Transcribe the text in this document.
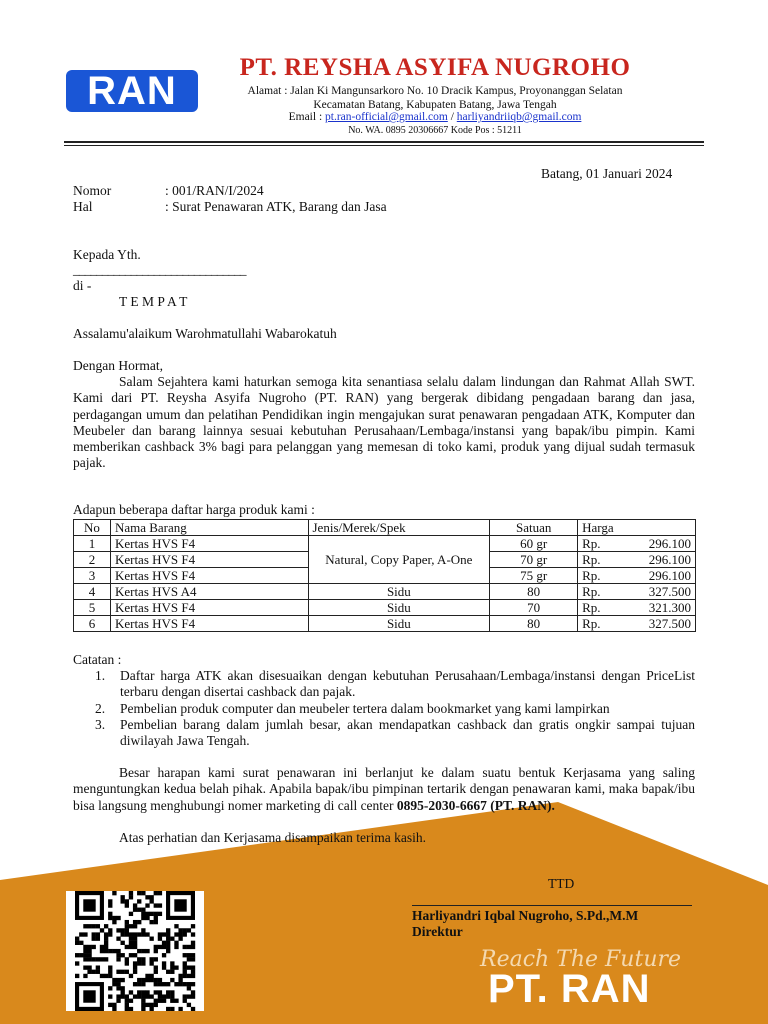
RAN
PT. REYSHA ASYIFA NUGROHO
Alamat : Jalan Ki Mangunsarkoro No. 10 Dracik Kampus, Proyonanggan Selatan
Kecamatan Batang, Kabupaten Batang, Jawa Tengah
Email : pt.ran-official@gmail.com / harliyandriiqb@gmail.com
No. WA. 0895 20306667 Kode Pos : 51211
Batang, 01 Januari 2024
Nomor	: 001/RAN/I/2024
Hal	: Surat Penawaran ATK, Barang dan Jasa
Kepada Yth.
______________________________
di -
T E M P A T
Assalamu'alaikum Warohmatullahi Wabarokatuh
Dengan Hormat,
Salam Sejahtera kami haturkan semoga kita senantiasa selalu dalam lindungan dan Rahmat Allah SWT. Kami dari PT. Reysha Asyifa Nugroho (PT. RAN) yang bergerak dibidang pengadaan barang dan jasa, perdagangan umum dan pelatihan Pendidikan ingin mengajukan surat penawaran pengadaan ATK, Komputer dan Meubeler dan barang lainnya sesuai kebutuhan Perusahaan/Lembaga/instansi yang bapak/ibu pimpin. Kami memberikan cashback 3% bagi para pelanggan yang memesan di toko kami, produk yang dijual sudah termasuk pajak.
Adapun beberapa daftar harga produk kami :
No	Nama Barang	Jenis/Merek/Spek	Satuan	Harga
1	Kertas HVS F4	Natural, Copy Paper, A-One	60 gr	Rp. 296.100

2	Kertas HVS F4		70 gr	Rp. 296.100

3	Kertas HVS F4		75 gr	Rp. 296.100

4	Kertas HVS A4	Sidu	80	Rp. 327.500

5	Kertas HVS F4	Sidu	70	Rp. 321.300

6	Kertas HVS F4	Sidu	80	Rp. 327.500
Catatan :
1.	Daftar harga ATK akan disesuaikan dengan kebutuhan Perusahaan/Lembaga/instansi dengan PriceList terbaru dengan disertai cashback dan pajak.
2.	Pembelian produk computer dan meubeler tertera dalam bookmarket yang kami lampirkan
3.	Pembelian barang dalam jumlah besar, akan mendapatkan cashback dan gratis ongkir sampai tujuan diwilayah Jawa Tengah.
Besar harapan kami surat penawaran ini berlanjut ke dalam suatu bentuk Kerjasama yang saling menguntungkan kedua belah pihak. Apabila bapak/ibu pimpinan tertarik dengan penawaran kami, maka bapak/ibu bisa langsung menghubungi nomer marketing di call center 0895-2030-6667 (PT. RAN).
Atas perhatian dan Kerjasama disampaikan terima kasih.
TTD
Harliyandri Iqbal Nugroho, S.Pd.,M.M
Direktur
Reach The Future
PT. RAN
